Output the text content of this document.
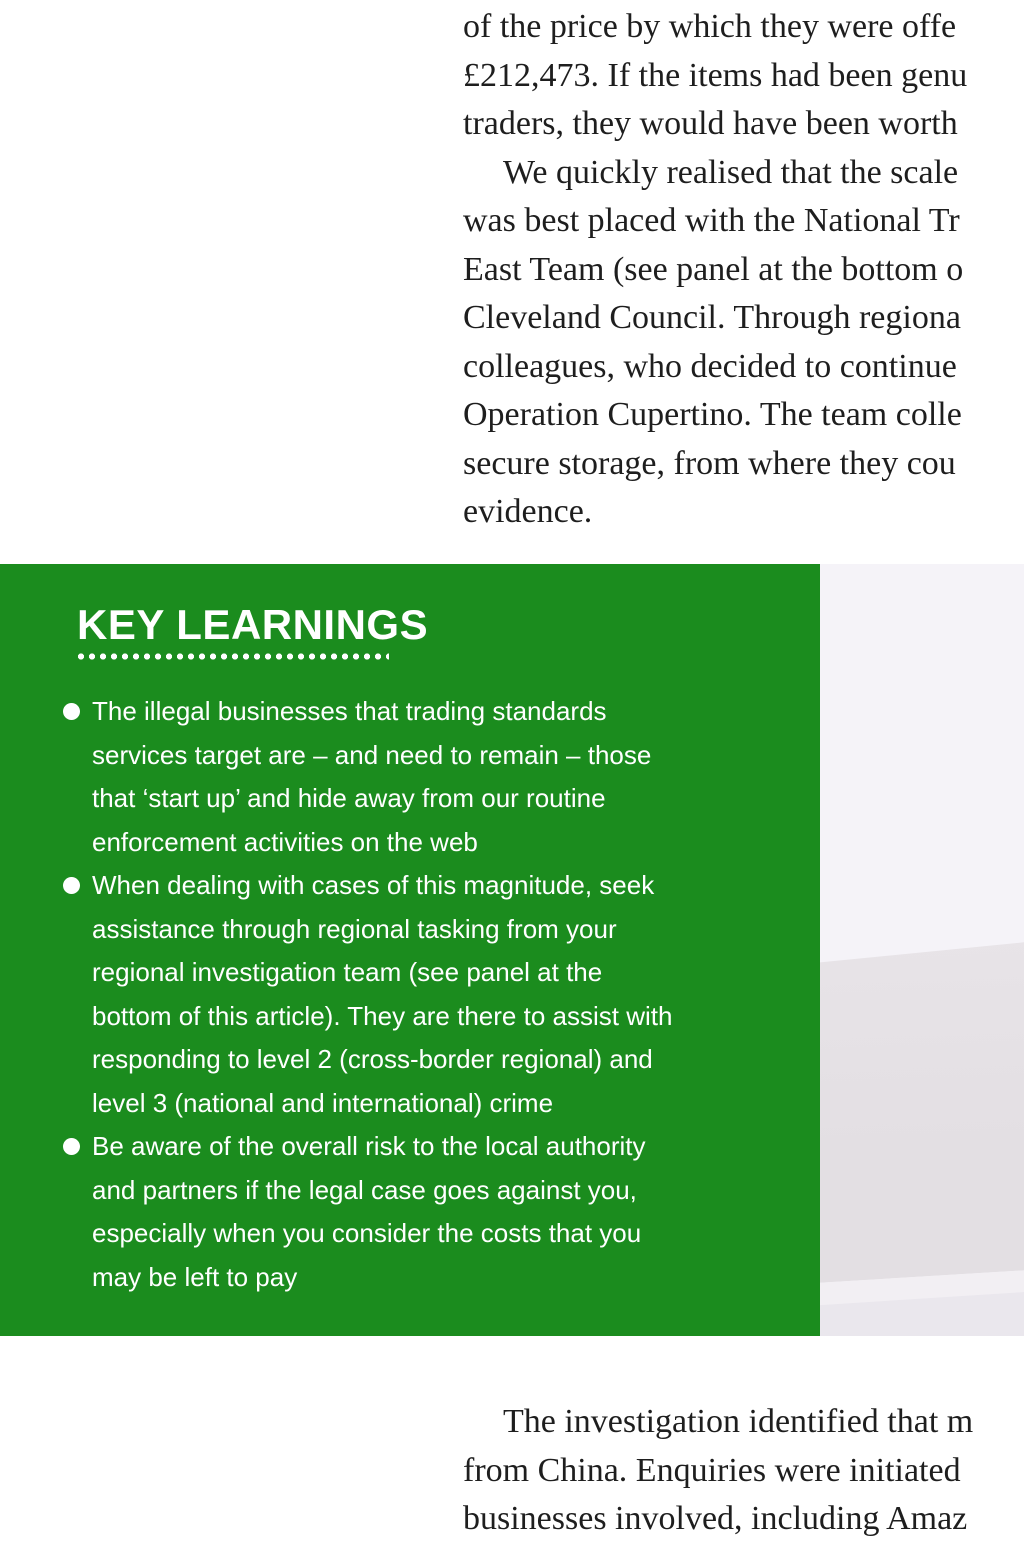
of the price by which they were offe
£212,473. If the items had been genu
traders, they would have been worth
We quickly realised that the scale
was best placed with the National Tr
East Team (see panel at the bottom o
Cleveland Council. Through regiona
colleagues, who decided to continue
Operation Cupertino. The team colle
secure storage, from where they cou
evidence.
KEY LEARNINGS
The illegal businesses that trading standards
services target are – and need to remain – those
that ‘start up’ and hide away from our routine
enforcement activities on the web
When dealing with cases of this magnitude, seek
assistance through regional tasking from your
regional investigation team (see panel at the
bottom of this article). They are there to assist with
responding to level 2 (cross-border regional) and
level 3 (national and international) crime
Be aware of the overall risk to the local authority
and partners if the legal case goes against you,
especially when you consider the costs that you
may be left to pay
The investigation identified that m
from China. Enquiries were initiated
businesses involved, including Amaz
